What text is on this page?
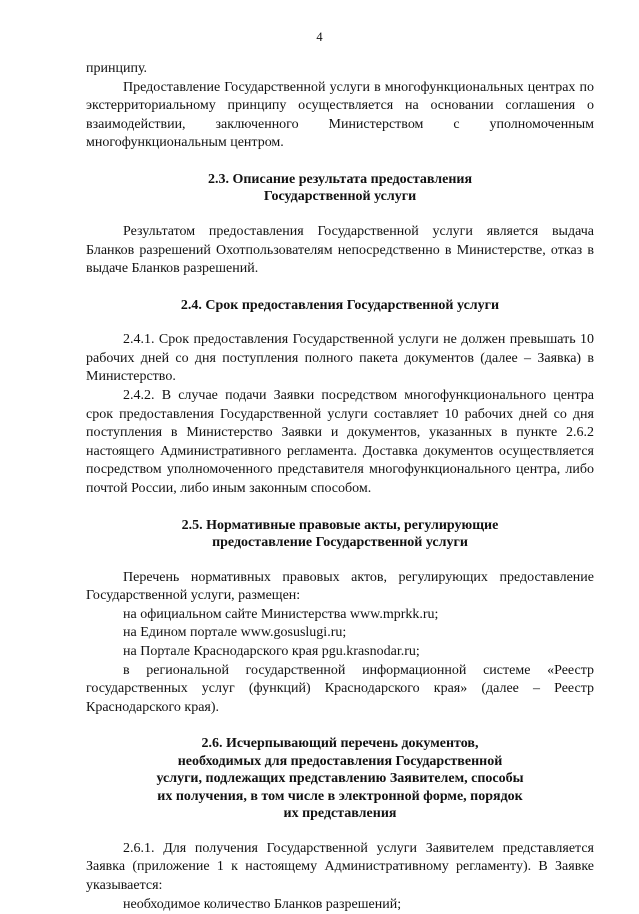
4

принципу.

Предоставление Государственной услуги в многофункциональных центрах по экстерриториальному принципу осуществляется на основании соглашения о взаимодействии, заключенного Министерством с уполномоченным многофункциональным центром.

2.3. Описание результата предоставления
Государственной услуги

Результатом предоставления Государственной услуги является выдача Бланков разрешений Охотпользователям непосредственно в Министерстве, отказ в выдаче Бланков разрешений.

2.4. Срок предоставления Государственной услуги

2.4.1. Срок предоставления Государственной услуги не должен превышать 10 рабочих дней со дня поступления полного пакета документов (далее – Заявка) в Министерство.

2.4.2. В случае подачи Заявки посредством многофункционального центра срок предоставления Государственной услуги составляет 10 рабочих дней со дня поступления в Министерство Заявки и документов, указанных в пункте 2.6.2 настоящего Административного регламента. Доставка документов осуществляется посредством уполномоченного представителя многофункционального центра, либо почтой России, либо иным законным способом.

2.5. Нормативные правовые акты, регулирующие
предоставление Государственной услуги

Перечень нормативных правовых актов, регулирующих предоставление Государственной услуги, размещен:

на официальном сайте Министерства www.mprkk.ru;

на Едином портале www.gosuslugi.ru;

на Портале Краснодарского края pgu.krasnodar.ru;

в региональной государственной информационной системе «Реестр государственных услуг (функций) Краснодарского края» (далее – Реестр Краснодарского края).

2.6. Исчерпывающий перечень документов,
необходимых для предоставления Государственной
услуги, подлежащих представлению Заявителем, способы
их получения, в том числе в электронной форме, порядок
их представления

2.6.1. Для получения Государственной услуги Заявителем представляется Заявка (приложение 1 к настоящему Административному регламенту). В Заявке указывается:

необходимое количество Бланков разрешений;
